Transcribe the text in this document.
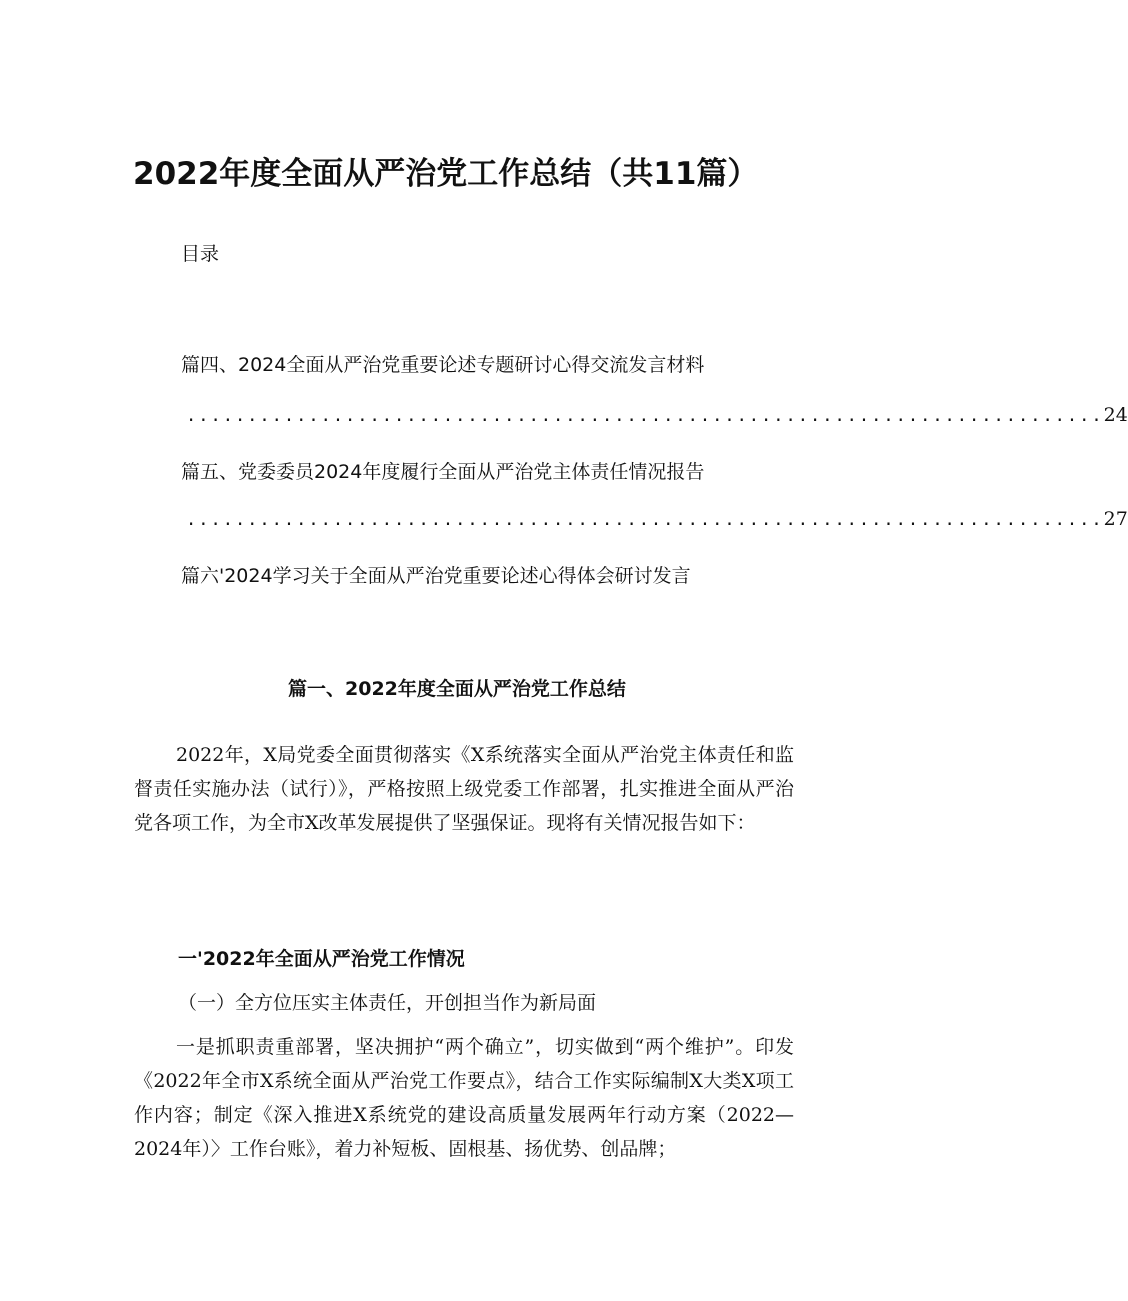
2022年度全面从严治党工作总结（共11篇）
目录
篇四、2024全面从严治党重要论述专题研讨心得交流发言材料
........................................................................... 24
篇五、党委委员2024年度履行全面从严治党主体责任情况报告
........................................................................... 27
篇六'2024学习关于全面从严治党重要论述心得体会研讨发言
篇一、2022年度全面从严治党工作总结

2022年，X局党委全面贯彻落实《X系统落实全面从严治党主体责任和监督责任实施办法（试行）》，严格按照上级党委工作部署，扎实推进全面从严治党各项工作，为全市X改革发展提供了坚强保证。现将有关情况报告如下：

一'2022年全面从严治党工作情况
（一）全方位压实主体责任，开创担当作为新局面

一是抓职责重部署，坚决拥护“两个确立”，切实做到“两个维护”。印发《2022年全市X系统全面从严治党工作要点》，结合工作实际编制X大类X项工作内容；制定《深入推进X系统党的建设高质量发展两年行动方案（2022—2024年）〉工作台账》，着力补短板、固根基、扬优势、创品牌；
